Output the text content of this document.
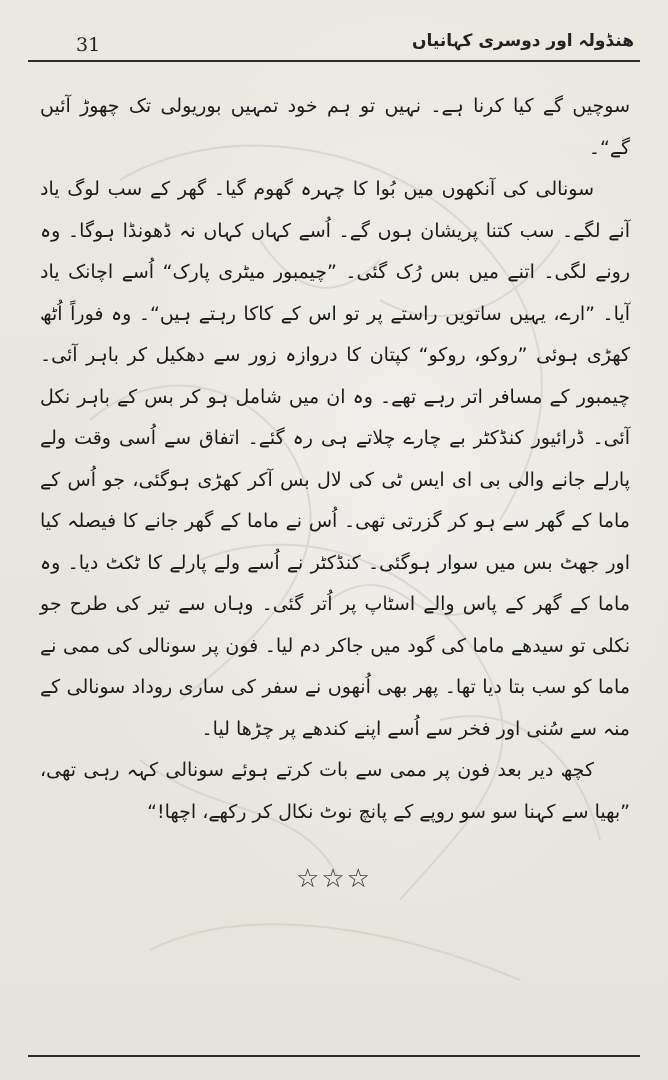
31	هنڈولہ اور دوسری کہانیاں

سوچیں گے کیا کرنا ہے۔ نہیں تو ہم خود تمہیں بوریولی تک چھوڑ آئیں گے“۔

سونالی کی آنکھوں میں بُوا کا چہرہ گھوم گیا۔ گھر کے سب لوگ یاد آنے لگے۔ سب کتنا پریشان ہوں گے۔ اُسے کہاں کہاں نہ ڈھونڈا ہوگا۔ وہ رونے لگی۔ اتنے میں بس رُک گئی۔ ”چیمبور میٹری پارک“ اُسے اچانک یاد آیا۔ ”ارے، یہیں ساتویں راستے پر تو اس کے کاکا رہتے ہیں“۔ وہ فوراً اُٹھ کھڑی ہوئی ”روکو، روکو“ کپتان کا دروازہ زور سے دھکیل کر باہر آئی۔ چیمبور کے مسافر اتر رہے تھے۔ وہ ان میں شامل ہو کر بس کے باہر نکل آئی۔ ڈرائیور کنڈکٹر بے چارے چلاتے ہی رہ گئے۔ اتفاق سے اُسی وقت ولے پارلے جانے والی بی ای ایس ٹی کی لال بس آکر کھڑی ہوگئی، جو اُس کے ماما کے گھر سے ہو کر گزرتی تھی۔ اُس نے ماما کے گھر جانے کا فیصلہ کیا اور جھٹ بس میں سوار ہوگئی۔ کنڈکٹر نے اُسے ولے پارلے کا ٹکٹ دیا۔ وہ ماما کے گھر کے پاس والے اسٹاپ پر اُتر گئی۔ وہاں سے تیر کی طرح جو نکلی تو سیدھے ماما کی گود میں جاکر دم لیا۔ فون پر سونالی کی ممی نے ماما کو سب بتا دیا تھا۔ پھر بھی اُنھوں نے سفر کی ساری روداد سونالی کے منہ سے سُنی اور فخر سے اُسے اپنے کندھے پر چڑھا لیا۔

کچھ دیر بعد فون پر ممی سے بات کرتے ہوئے سونالی کہہ رہی تھی، ”بھیا سے کہنا سو سو روپے کے پانچ نوٹ نکال کر رکھے، اچھا!“

☆☆☆
